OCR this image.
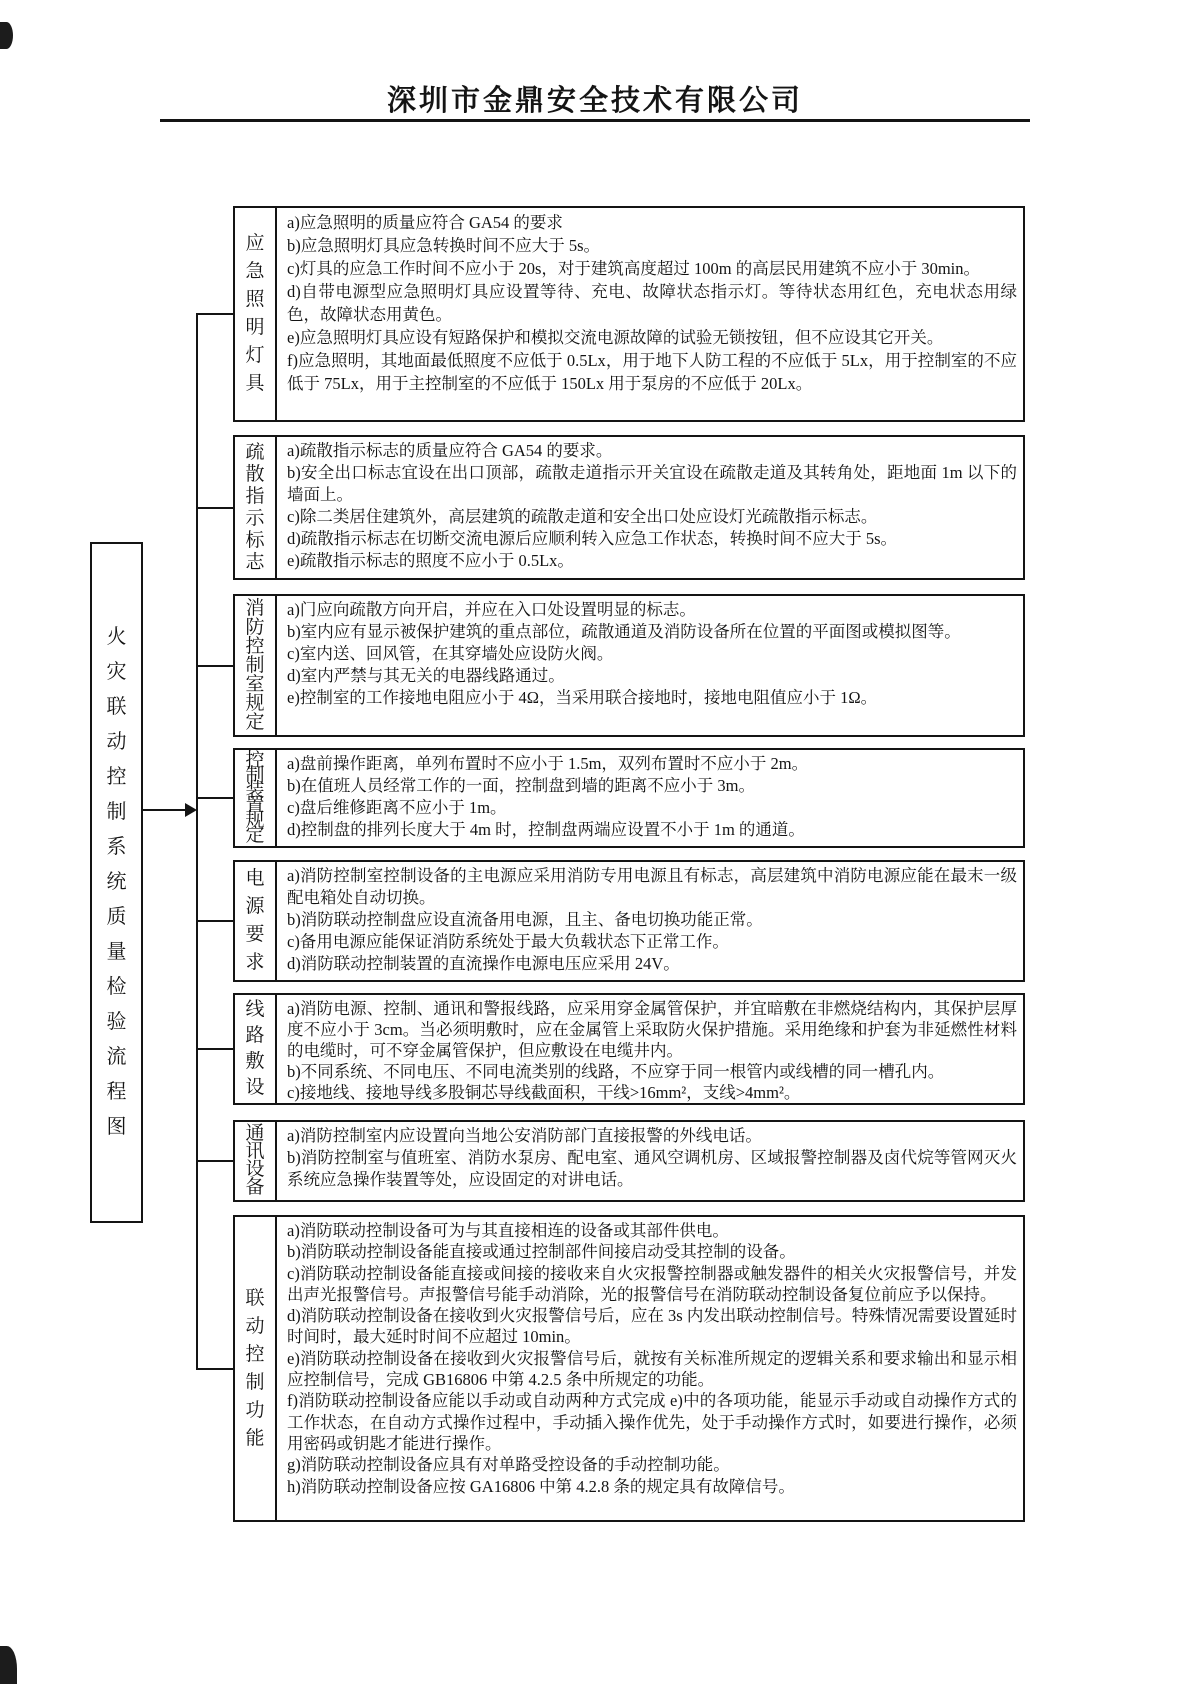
深圳市金鼎安全技术有限公司
火灾联动控制系统质量检验流程图
应急照明灯具
a)应急照明的质量应符合 GA54 的要求
b)应急照明灯具应急转换时间不应大于 5s。
c)灯具的应急工作时间不应小于 20s，对于建筑高度超过 100m 的高层民用建筑不应小于 30min。
d)自带电源型应急照明灯具应设置等待、充电、故障状态指示灯。等待状态用红色，充电状态用绿色，故障状态用黄色。
e)应急照明灯具应设有短路保护和模拟交流电源故障的试验无锁按钮，但不应设其它开关。
f)应急照明，其地面最低照度不应低于 0.5Lx，用于地下人防工程的不应低于 5Lx，用于控制室的不应低于 75Lx，用于主控制室的不应低于 150Lx 用于泵房的不应低于 20Lx。
疏散指示标志
a)疏散指示标志的质量应符合 GA54 的要求。
b)安全出口标志宜设在出口顶部，疏散走道指示开关宜设在疏散走道及其转角处，距地面 1m 以下的墙面上。
c)除二类居住建筑外，高层建筑的疏散走道和安全出口处应设灯光疏散指示标志。
d)疏散指示标志在切断交流电源后应顺利转入应急工作状态，转换时间不应大于 5s。
e)疏散指示标志的照度不应小于 0.5Lx。
消防控制室规定
a)门应向疏散方向开启，并应在入口处设置明显的标志。
b)室内应有显示被保护建筑的重点部位，疏散通道及消防设备所在位置的平面图或模拟图等。
c)室内送、回风管，在其穿墙处应设防火阀。
d)室内严禁与其无关的电器线路通过。
e)控制室的工作接地电阻应小于 4Ω，当采用联合接地时，接地电阻值应小于 1Ω。
控制装置规定
a)盘前操作距离，单列布置时不应小于 1.5m，双列布置时不应小于 2m。
b)在值班人员经常工作的一面，控制盘到墙的距离不应小于 3m。
c)盘后维修距离不应小于 1m。
d)控制盘的排列长度大于 4m 时，控制盘两端应设置不小于 1m 的通道。
电源要求
a)消防控制室控制设备的主电源应采用消防专用电源且有标志，高层建筑中消防电源应能在最末一级配电箱处自动切换。
b)消防联动控制盘应设直流备用电源，且主、备电切换功能正常。
c)备用电源应能保证消防系统处于最大负载状态下正常工作。
d)消防联动控制装置的直流操作电源电压应采用 24V。
线路敷设
a)消防电源、控制、通讯和警报线路，应采用穿金属管保护，并宜暗敷在非燃烧结构内，其保护层厚度不应小于 3cm。当必须明敷时，应在金属管上采取防火保护措施。采用绝缘和护套为非延燃性材料的电缆时，可不穿金属管保护，但应敷设在电缆井内。
b)不同系统、不同电压、不同电流类别的线路，不应穿于同一根管内或线槽的同一槽孔内。
c)接地线、接地导线多股铜芯导线截面积，干线>16mm²，支线>4mm²。
通讯设备
a)消防控制室内应设置向当地公安消防部门直接报警的外线电话。
b)消防控制室与值班室、消防水泵房、配电室、通风空调机房、区域报警控制器及卤代烷等管网灭火系统应急操作装置等处，应设固定的对讲电话。
联动控制功能
a)消防联动控制设备可为与其直接相连的设备或其部件供电。
b)消防联动控制设备能直接或通过控制部件间接启动受其控制的设备。
c)消防联动控制设备能直接或间接的接收来自火灾报警控制器或触发器件的相关火灾报警信号，并发出声光报警信号。声报警信号能手动消除，光的报警信号在消防联动控制设备复位前应予以保持。
d)消防联动控制设备在接收到火灾报警信号后，应在 3s 内发出联动控制信号。特殊情况需要设置延时时间时，最大延时时间不应超过 10min。
e)消防联动控制设备在接收到火灾报警信号后，就按有关标准所规定的逻辑关系和要求输出和显示相应控制信号，完成 GB16806 中第 4.2.5 条中所规定的功能。
f)消防联动控制设备应能以手动或自动两种方式完成 e)中的各项功能，能显示手动或自动操作方式的工作状态，在自动方式操作过程中，手动插入操作优先，处于手动操作方式时，如要进行操作，必须用密码或钥匙才能进行操作。
g)消防联动控制设备应具有对单路受控设备的手动控制功能。
h)消防联动控制设备应按 GA16806 中第 4.2.8 条的规定具有故障信号。
